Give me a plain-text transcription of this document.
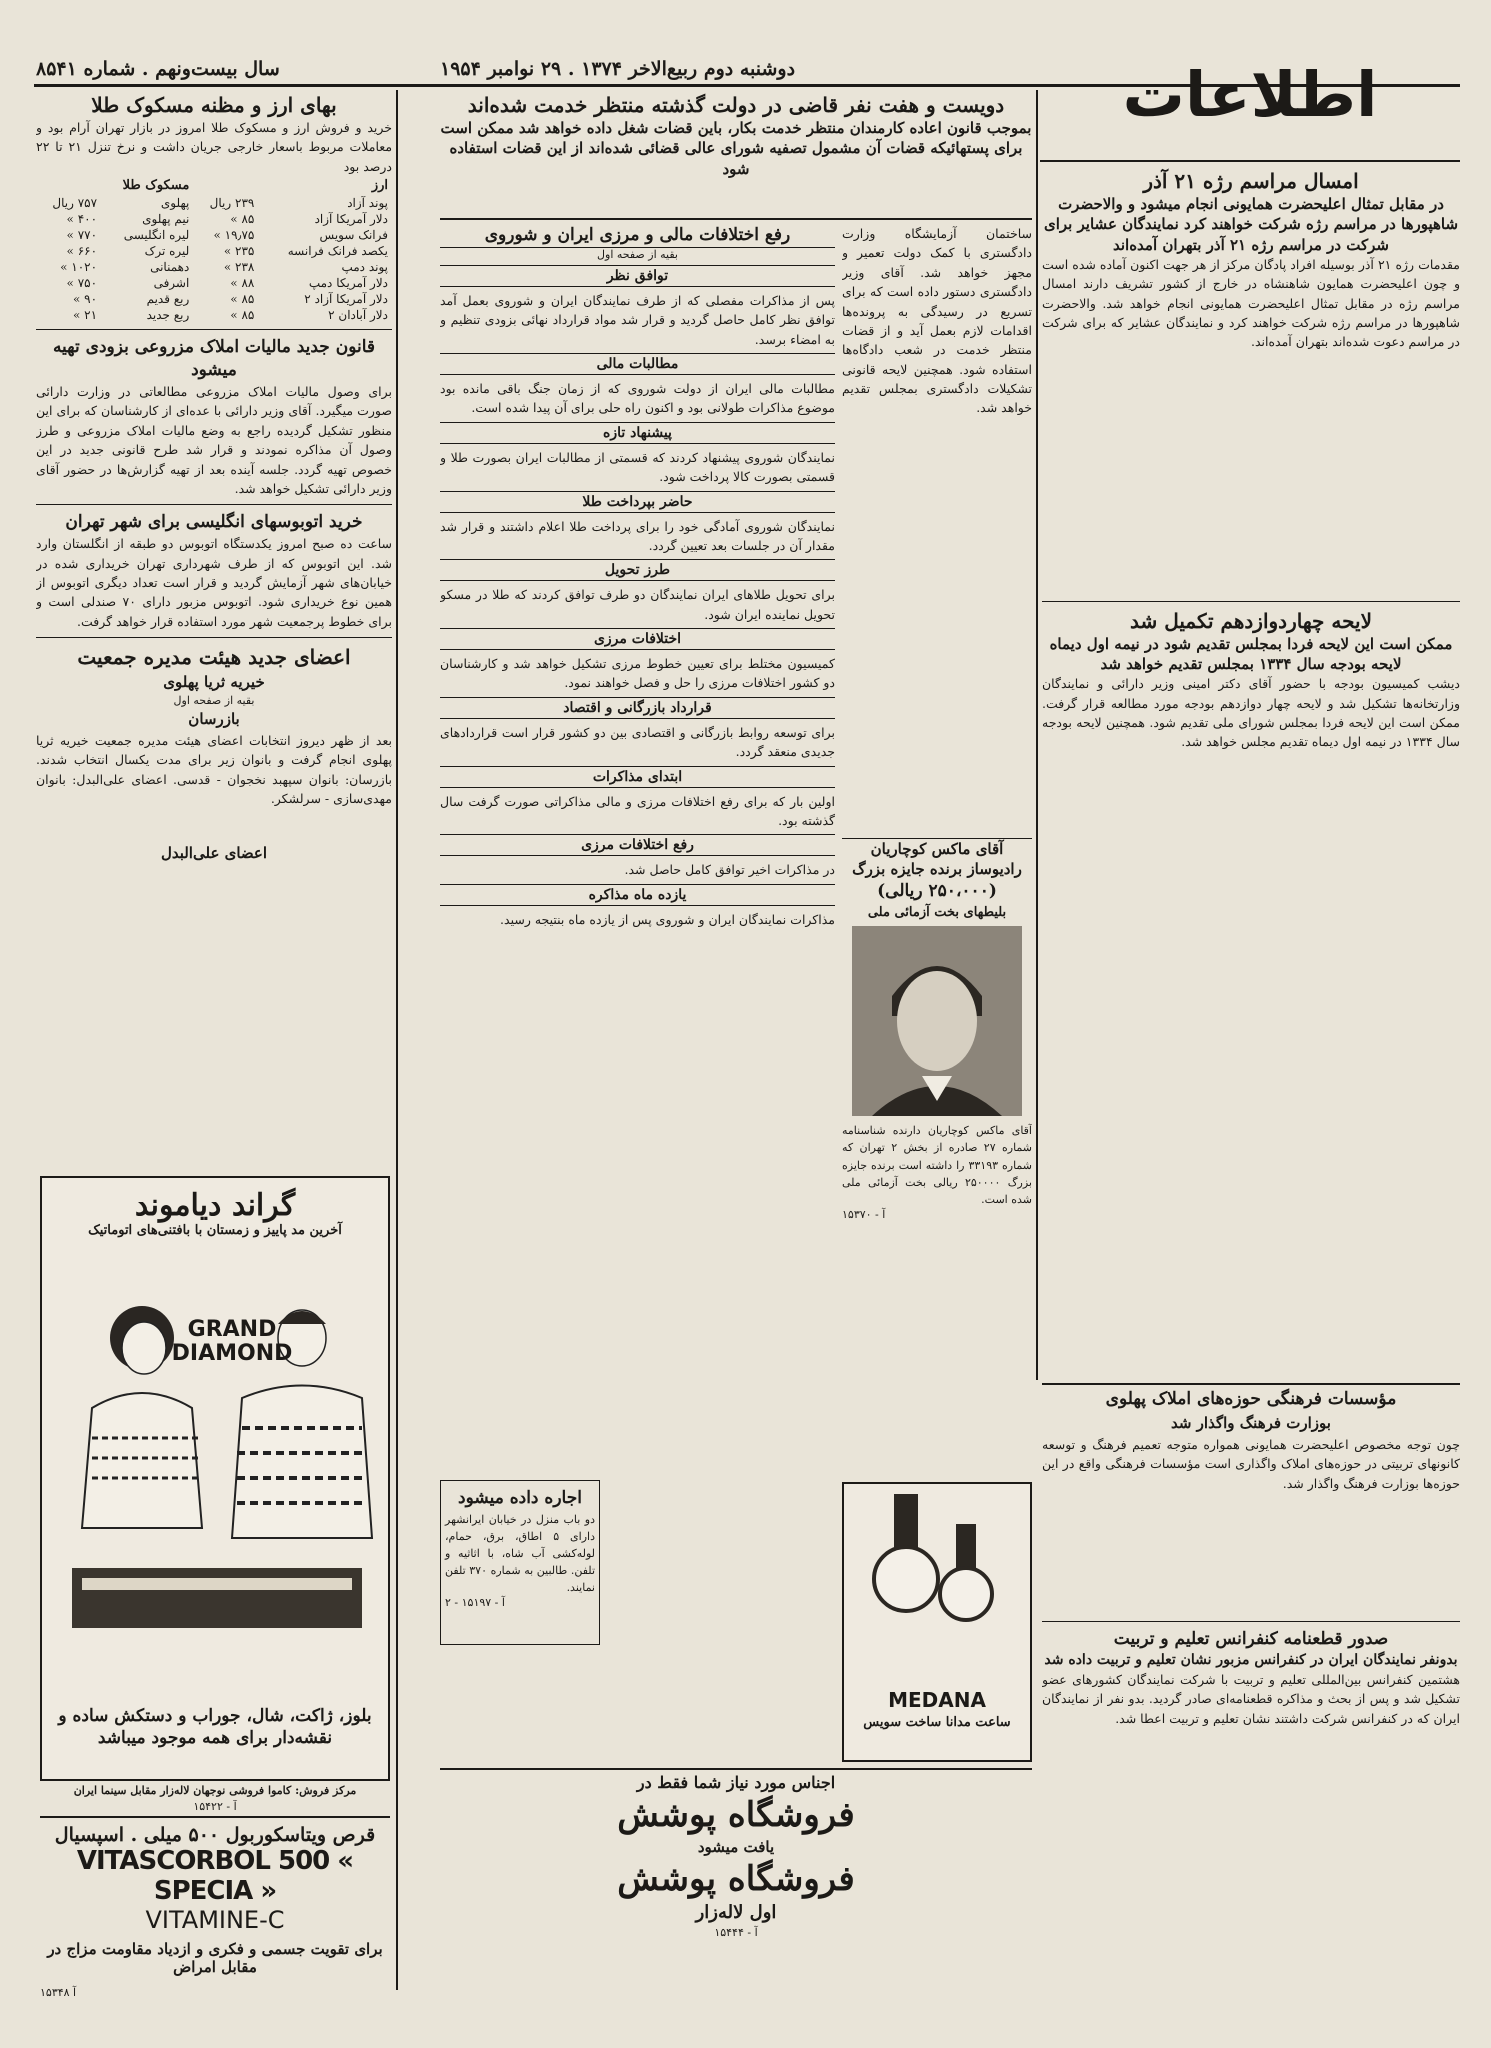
سال بیست‌ونهم . شماره ۸۵۴۱	دوشنبه دوم ربیع‌الاخر ۱۳۷۴ . ۲۹ نوامبر ۱۹۵۴	اطلاعات
بهای ارز و مظنه مسکوک طلا
خرید و فروش ارز و مسکوک طلا امروز در بازار تهران آرام بود و معاملات مربوط باسعار خارجی جریان داشت و نرخ تنزل ۲۱ تا ۲۲ درصد بود
ارز		مسکوک طلا	
پوند آزاد	۲۳۹ ریال	پهلوی	۷۵۷ ریال
دلار آمریکا آزاد	۸۵ »	نیم پهلوی	۴۰۰ »
فرانک سویس	۱۹٫۷۵ »	لیره انگلیسی	۷۷۰ »
یکصد فرانک فرانسه	۲۳۵ »	لیره ترک	۶۶۰ »
پوند دمپ	۲۳۸ »	دهمنانی	۱۰۲۰ »
دلار آمریکا دمپ	۸۸ »	اشرفی	۷۵۰ »
دلار آمریکا آزاد ۲	۸۵ »	ربع قدیم	۹۰ »
دلار آبادان ۲	۸۵ »	ربع جدید	۲۱ »
قانون جدید مالیات املاک مزروعی بزودی تهیه میشود
برای وصول مالیات املاک مزروعی مطالعاتی در وزارت دارائی صورت میگیرد. آقای وزیر دارائی با عده‌ای از کارشناسان که برای این منظور تشکیل گردیده راجع به وضع مالیات املاک مزروعی و طرز وصول آن مذاکره نمودند و قرار شد طرح قانونی جدید در این خصوص تهیه گردد. جلسه آینده بعد از تهیه گزارش‌ها در حضور آقای وزیر دارائی تشکیل خواهد شد.
خرید اتوبوسهای انگلیسی برای شهر تهران
ساعت ده صبح امروز یکدستگاه اتوبوس دو طبقه از انگلستان وارد شد. این اتوبوس که از طرف شهرداری تهران خریداری شده در خیابان‌های شهر آزمایش گردید و قرار است تعداد دیگری اتوبوس از همین نوع خریداری شود. اتوبوس مزبور دارای ۷۰ صندلی است و برای خطوط پرجمعیت شهر مورد استفاده قرار خواهد گرفت.
اعضای جدید هیئت مدیره جمعیت
خیریه ثریا پهلوی
بقیه از صفحه اول
بازرسان
بعد از ظهر دیروز انتخابات اعضای هیئت مدیره جمعیت خیریه ثریا پهلوی انجام گرفت و بانوان زیر برای مدت یکسال انتخاب شدند. بازرسان: بانوان سپهبد نخجوان - قدسی. اعضای علی‌البدل: بانوان مهدی‌سازی - سرلشکر.
اعضای علی‌البدل
گراند دیاموند
آخرین مد پاییز و زمستان با بافتنی‌های اتوماتیک
GRAND DIAMOND
بلوز، ژاکت، شال، جوراب و دستکش ساده و نقشه‌دار برای همه موجود میباشد
مرکز فروش: کاموا فروشی نوجهان لاله‌زار مقابل سینما ایران
آ - ۱۵۴۲۲
قرص ویتاسکوربول ۵۰۰ میلی . اسپسیال
VITASCORBOL 500 « SPECIA »
VITAMINE-C
برای تقویت جسمی و فکری و ازدیاد مقاومت مزاج در مقابل امراض
آ ۱۵۳۴۸
دویست و هفت نفر قاضی در دولت گذشته منتظر خدمت شده‌اند
بموجب قانون اعاده کارمندان منتظر خدمت بکار، باین قضات شغل داده خواهد شد ممکن است برای پستهائیکه قضات آن مشمول تصفیه شورای عالی قضائی شده‌اند از این قضات استفاده شود
رفع اختلافات مالی و مرزی ایران و شوروی
بقیه از صفحه اول
توافق نظر
پس از مذاکرات مفصلی که از طرف نمایندگان ایران و شوروی بعمل آمد توافق نظر کامل حاصل گردید و قرار شد مواد قرارداد نهائی بزودی تنظیم و به امضاء برسد.
مطالبات مالی
مطالبات مالی ایران از دولت شوروی که از زمان جنگ باقی مانده بود موضوع مذاکرات طولانی بود و اکنون راه حلی برای آن پیدا شده است.
پیشنهاد تازه
نمایندگان شوروی پیشنهاد کردند که قسمتی از مطالبات ایران بصورت طلا و قسمتی بصورت کالا پرداخت شود.
حاضر بپرداخت طلا
نمایندگان شوروی آمادگی خود را برای پرداخت طلا اعلام داشتند و قرار شد مقدار آن در جلسات بعد تعیین گردد.
طرز تحویل
برای تحویل طلاهای ایران نمایندگان دو طرف توافق کردند که طلا در مسکو تحویل نماینده ایران شود.
اختلافات مرزی
کمیسیون مختلط برای تعیین خطوط مرزی تشکیل خواهد شد و کارشناسان دو کشور اختلافات مرزی را حل و فصل خواهند نمود.
قرارداد بازرگانی و اقتصاد
برای توسعه روابط بازرگانی و اقتصادی بین دو کشور قرار است قراردادهای جدیدی منعقد گردد.
ابتدای مذاکرات
اولین بار که برای رفع اختلافات مرزی و مالی مذاکراتی صورت گرفت سال گذشته بود.
رفع اختلافات مرزی
در مذاکرات اخیر توافق کامل حاصل شد.
یازده ماه مذاکره
مذاکرات نمایندگان ایران و شوروی پس از یازده ماه بنتیجه رسید.
اجاره داده میشود
دو باب منزل در خیابان ایرانشهر دارای ۵ اطاق، برق، حمام، لوله‌کشی آب شاه، با اثاثیه و تلفن. طالبین به شماره ۳۷۰ تلفن نمایند.
آ - ۱۵۱۹۷ - ۲
ساختمان آزمایشگاه وزارت دادگستری با کمک دولت تعمیر و مجهز خواهد شد. آقای وزیر دادگستری دستور داده است که برای تسریع در رسیدگی به پرونده‌ها اقدامات لازم بعمل آید و از قضات منتظر خدمت در شعب دادگاه‌ها استفاده شود. همچنین لایحه قانونی تشکیلات دادگستری بمجلس تقدیم خواهد شد.
آقای ماکس کوچاریان رادیوساز برنده جایزه بزرگ
(۲۵۰،۰۰۰ ریالی)
بلیطهای بخت آزمائی ملی
آقای ماکس کوچاریان دارنده شناسنامه شماره ۲۷ صادره از بخش ۲ تهران که شماره ۳۳۱۹۳ را داشته است برنده جایزه بزرگ ۲۵۰۰۰۰ ریالی بخت آزمائی ملی شده است.
آ - ۱۵۳۷۰
MEDANA
ساعت مدانا ساخت سویس
اجناس مورد نیاز شما فقط در
فروشگاه پوشش
یافت میشود
فروشگاه پوشش
اول لاله‌زار
آ - ۱۵۴۴۴
امسال مراسم رژه ۲۱ آذر
در مقابل تمثال اعلیحضرت همایونی انجام میشود و والاحضرت شاهپورها در مراسم رژه شرکت خواهند کرد نمایندگان عشایر برای شرکت در مراسم رژه ۲۱ آذر بتهران آمده‌اند
مقدمات رژه ۲۱ آذر بوسیله افراد پادگان مرکز از هر جهت اکنون آماده شده است و چون اعلیحضرت همایون شاهنشاه در خارج از کشور تشریف دارند امسال مراسم رژه در مقابل تمثال اعلیحضرت همایونی انجام خواهد شد. والاحضرت شاهپورها در مراسم رژه شرکت خواهند کرد و نمایندگان عشایر که برای شرکت در مراسم دعوت شده‌اند بتهران آمده‌اند.
لایحه چهاردوازدهم تکمیل شد
ممکن است این لایحه فردا بمجلس تقدیم شود در نیمه اول دیماه لایحه بودجه سال ۱۳۳۴ بمجلس تقدیم خواهد شد
دیشب کمیسیون بودجه با حضور آقای دکتر امینی وزیر دارائی و نمایندگان وزارتخانه‌ها تشکیل شد و لایحه چهار دوازدهم بودجه مورد مطالعه قرار گرفت. ممکن است این لایحه فردا بمجلس شورای ملی تقدیم شود. همچنین لایحه بودجه سال ۱۳۳۴ در نیمه اول دیماه تقدیم مجلس خواهد شد.
مؤسسات فرهنگی حوزه‌های املاک پهلوی
بوزارت فرهنگ واگذار شد
چون توجه مخصوص اعلیحضرت همایونی همواره متوجه تعمیم فرهنگ و توسعه کانونهای تربیتی در حوزه‌های املاک واگذاری است مؤسسات فرهنگی واقع در این حوزه‌ها بوزارت فرهنگ واگذار شد.
صدور قطعنامه کنفرانس تعلیم و تربیت
بدونفر نمایندگان ایران در کنفرانس مزبور نشان تعلیم و تربیت داده شد
هشتمین کنفرانس بین‌المللی تعلیم و تربیت با شرکت نمایندگان کشورهای عضو تشکیل شد و پس از بحث و مذاکره قطعنامه‌ای صادر گردید. بدو نفر از نمایندگان ایران که در کنفرانس شرکت داشتند نشان تعلیم و تربیت اعطا شد.
